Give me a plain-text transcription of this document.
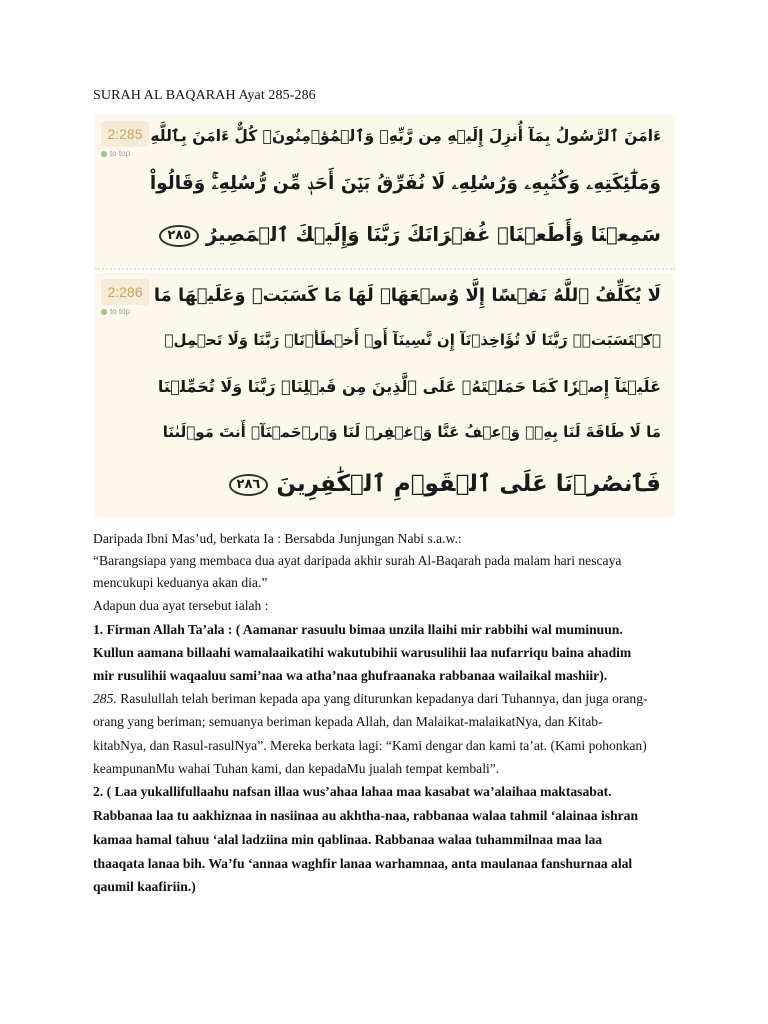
SURAH AL BAQARAH Ayat 285-286
2:285
to top
ءَامَنَ ٱلرَّسُولُ بِمَآ أُنزِلَ إِلَيۡهِ مِن رَّبِّهِۦ وَٱلۡمُؤۡمِنُونَۚ كُلٌّ ءَامَنَ بِٱللَّهِ
وَمَلَٰٓئِكَتِهِۦ وَكُتُبِهِۦ وَرُسُلِهِۦ لَا نُفَرِّقُ بَيۡنَ أَحَدٖ مِّن رُّسُلِهِۦۚ وَقَالُواْ
سَمِعۡنَا وَأَطَعۡنَاۖ غُفۡرَانَكَ رَبَّنَا وَإِلَيۡكَ ٱلۡمَصِيرُ ٢٨٥
2:286
to top
لَا يُكَلِّفُ ٱللَّهُ نَفۡسًا إِلَّا وُسۡعَهَاۚ لَهَا مَا كَسَبَتۡ وَعَلَيۡهَا مَا
ٱكۡتَسَبَتۡۗ رَبَّنَا لَا تُؤَاخِذۡنَآ إِن نَّسِينَآ أَوۡ أَخۡطَأۡنَاۚ رَبَّنَا وَلَا تَحۡمِلۡ
عَلَيۡنَآ إِصۡرٗا كَمَا حَمَلۡتَهُۥ عَلَى ٱلَّذِينَ مِن قَبۡلِنَاۚ رَبَّنَا وَلَا تُحَمِّلۡنَا
مَا لَا طَاقَةَ لَنَا بِهِۦۖ وَٱعۡفُ عَنَّا وَٱغۡفِرۡ لَنَا وَٱرۡحَمۡنَآۚ أَنتَ مَوۡلَىٰنَا
فَٱنصُرۡنَا عَلَى ٱلۡقَوۡمِ ٱلۡكَٰفِرِينَ ٢٨٦
Daripada Ibni Mas’ud, berkata Ia : Bersabda Junjungan Nabi s.a.w.:
“Barangsiapa yang membaca dua ayat daripada akhir surah Al-Baqarah pada malam hari nescaya
mencukupi keduanya akan dia.”
Adapun dua ayat tersebut ialah :
1. Firman Allah Ta’ala : ( Aamanar rasuulu bimaa unzila llaihi mir rabbihi wal muminuun.
Kullun aamana billaahi wamalaaikatihi wakutubihii warusulihii laa nufarriqu baina ahadim
mir rusulihii waqaaluu sami’naa wa atha’naa ghufraanaka rabbanaa wailaikal mashiir).
285. Rasulullah telah beriman kepada apa yang diturunkan kepadanya dari Tuhannya, dan juga orang-
orang yang beriman; semuanya beriman kepada Allah, dan Malaikat-malaikatNya, dan Kitab-
kitabNya, dan Rasul-rasulNya”. Mereka berkata lagi: “Kami dengar dan kami ta’at. (Kami pohonkan)
keampunanMu wahai Tuhan kami, dan kepadaMu jualah tempat kembali”.
2. ( Laa yukallifullaahu nafsan illaa wus’ahaa lahaa maa kasabat wa’alaihaa maktasabat.
Rabbanaa laa tu aakhiznaa in nasiinaa au akhtha-naa, rabbanaa walaa tahmil ‘alainaa ishran
kamaa hamal tahuu ‘alal ladziina min qablinaa. Rabbanaa walaa tuhammilnaa maa laa
thaaqata lanaa bih. Wa’fu ‘annaa waghfir lanaa warhamnaa, anta maulanaa fanshurnaa alal
qaumil kaafiriin.)
